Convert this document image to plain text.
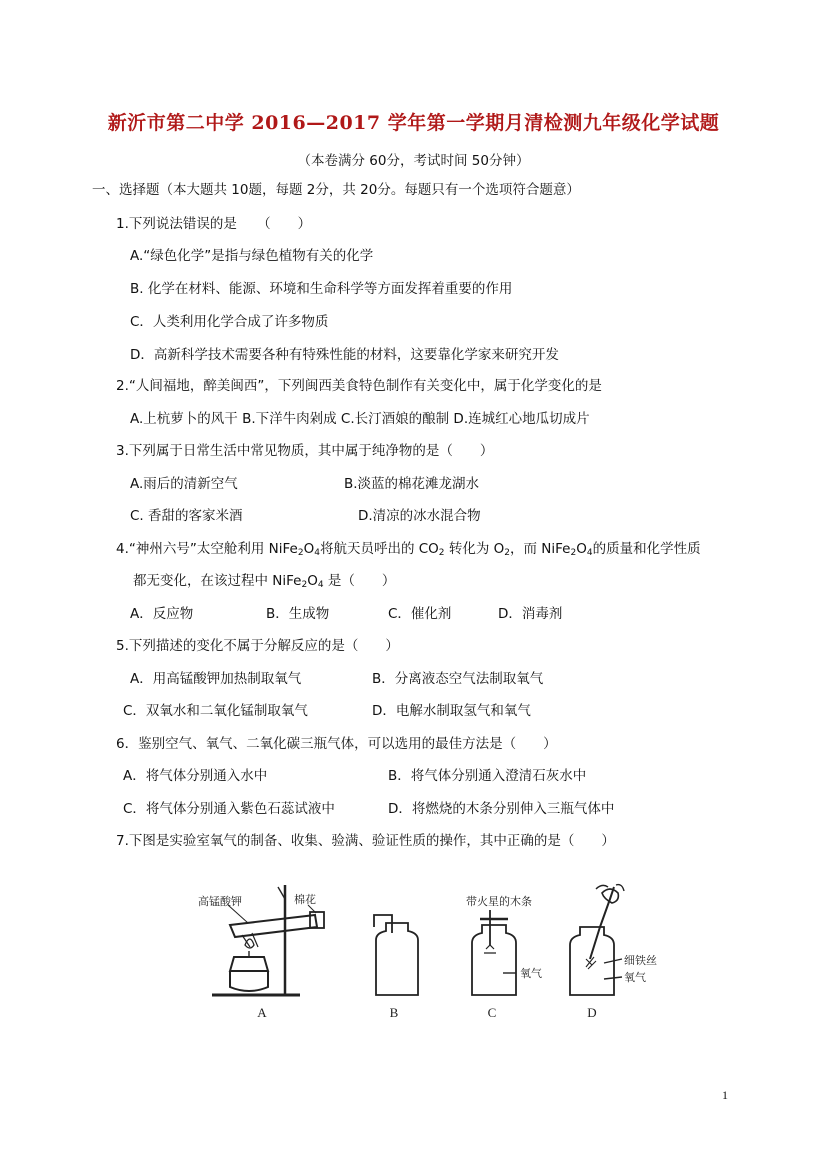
新沂市第二中学 2016—2017 学年第一学期月清检测九年级化学试题
（本卷满分 60分，考试时间 50分钟）
一、选择题（本大题共 10题，每题 2分，共 20分。每题只有一个选项符合题意）
1.下列说法错误的是　　（　　）
A.“绿色化学”是指与绿色植物有关的化学
B. 化学在材料、能源、环境和生命科学等方面发挥着重要的作用
C．人类利用化学合成了许多物质
D．高新科学技术需要各种有特殊性能的材料，这要靠化学家来研究开发
2.“人间福地，醉美闽西”，下列闽西美食特色制作有关变化中，属于化学变化的是
A.上杭萝卜的风干 B.下洋牛肉剁成 C.长汀酒娘的酿制 D.连城红心地瓜切成片
3.下列属于日常生活中常见物质，其中属于纯净物的是（　　）
A.雨后的清新空气	B.淡蓝的棉花滩龙湖水
C. 香甜的客家米酒	D.清凉的冰水混合物
4.“神州六号”太空舱利用 $NiFe_2O_4$将航天员呼出的 $CO_2$ 转化为 $O_2$，而 $NiFe_2O_4$的质量和化学性质
都无变化，在该过程中 $NiFe_2O_4$ 是（　　）
A．反应物	B．生成物	C．催化剂	D．消毒剂
5.下列描述的变化不属于分解反应的是（　　）
A．用高锰酸钾加热制取氧气	B．分离液态空气法制取氧气
C．双氧水和二氧化锰制取氧气	D．电解水制取氢气和氧气
6．鉴别空气、氧气、二氧化碳三瓶气体，可以选用的最佳方法是（　　）
A．将气体分别通入水中	B．将气体分别通入澄清石灰水中
C．将气体分别通入紫色石蕊试液中	D．将燃烧的木条分别伸入三瓶气体中
7.下图是实验室氧气的制备、收集、验满、验证性质的操作，其中正确的是（　　）
高锰酸钾	棉花	带火星的木条
氧气
细铁丝
氧气
A	B	C	D
1
